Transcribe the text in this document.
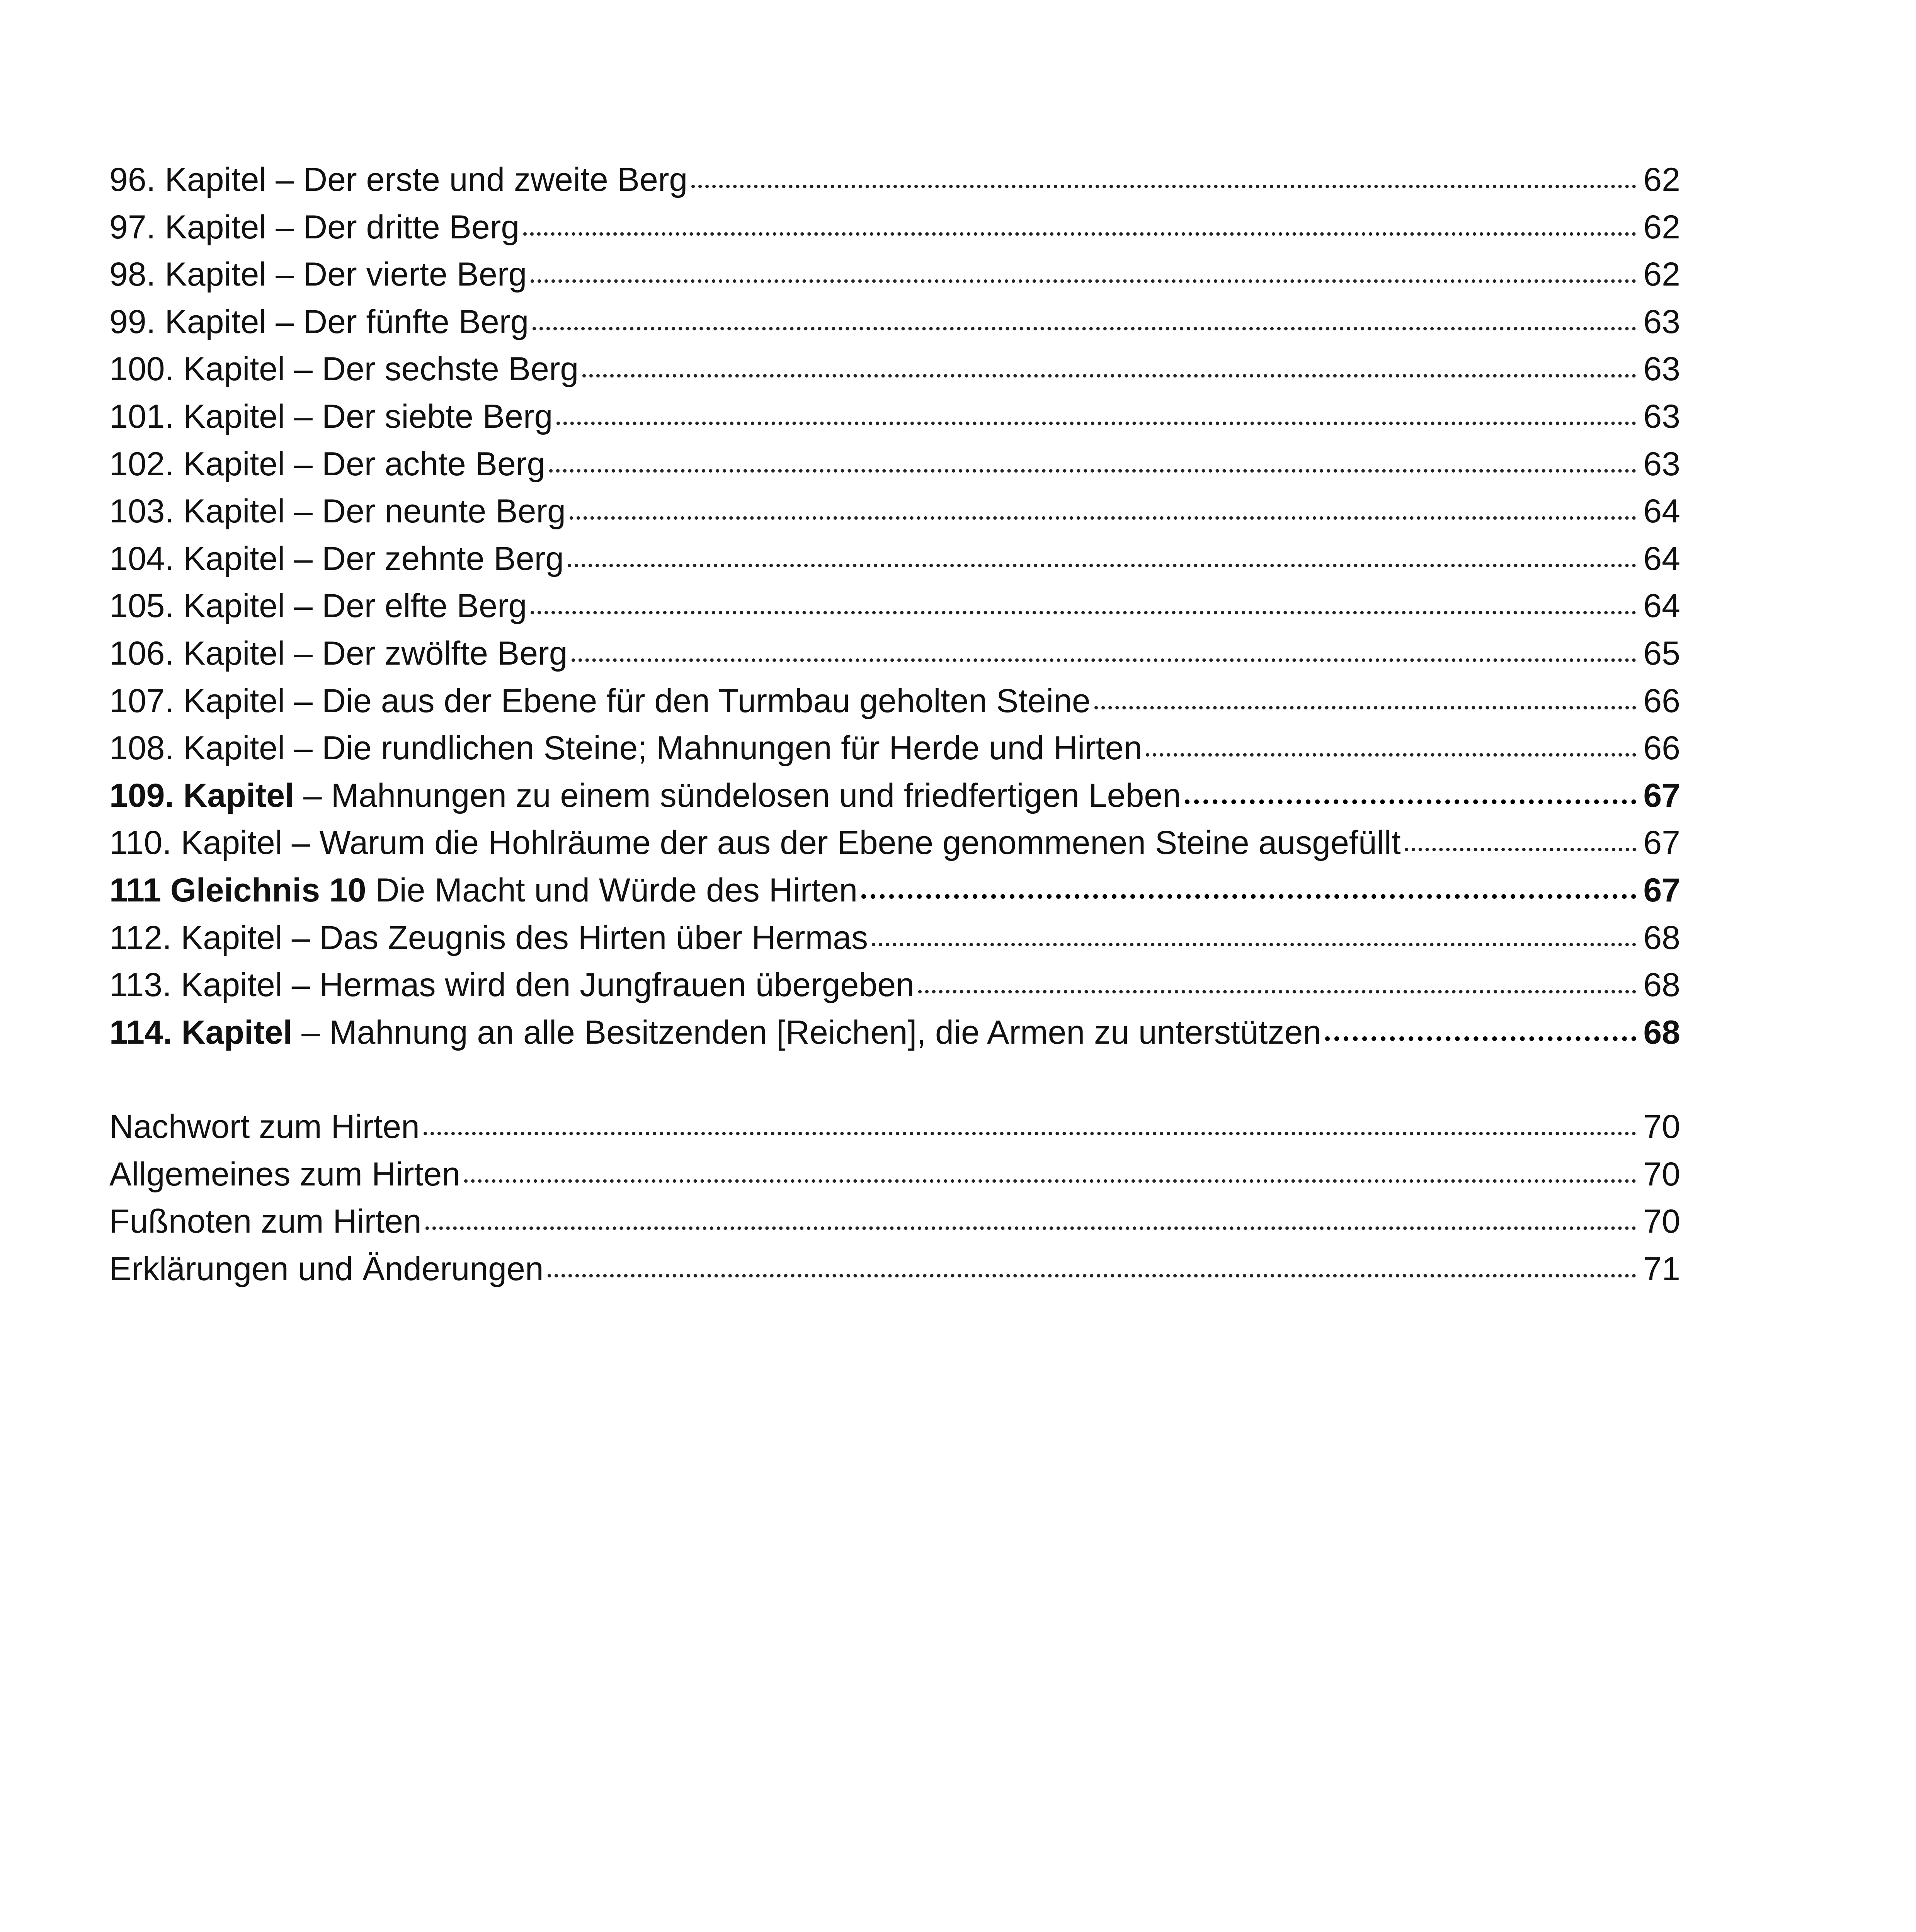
96. Kapitel – Der erste und zweite Berg	62
97. Kapitel – Der dritte Berg	62
98. Kapitel – Der vierte Berg	62
99. Kapitel – Der fünfte Berg	63
100. Kapitel – Der sechste Berg	63
101. Kapitel – Der siebte Berg	63
102. Kapitel – Der achte Berg	63
103. Kapitel – Der neunte Berg	64
104. Kapitel – Der zehnte Berg	64
105. Kapitel – Der elfte Berg	64
106. Kapitel – Der zwölfte Berg	65
107. Kapitel – Die aus der Ebene für den Turmbau geholten Steine	66
108. Kapitel – Die rundlichen Steine; Mahnungen für Herde und Hirten	66
109. Kapitel – Mahnungen zu einem sündelosen und friedfertigen Leben	67
110. Kapitel – Warum die Hohlräume der aus der Ebene genommenen Steine ausgefüllt	67
111 Gleichnis 10 Die Macht und Würde des Hirten	67
112. Kapitel – Das Zeugnis des Hirten über Hermas	68
113. Kapitel – Hermas wird den Jungfrauen übergeben	68
114. Kapitel – Mahnung an alle Besitzenden [Reichen], die Armen zu unterstützen	68
Nachwort zum Hirten	70
Allgemeines zum Hirten	70
Fußnoten zum Hirten	70
Erklärungen und Änderungen	71
